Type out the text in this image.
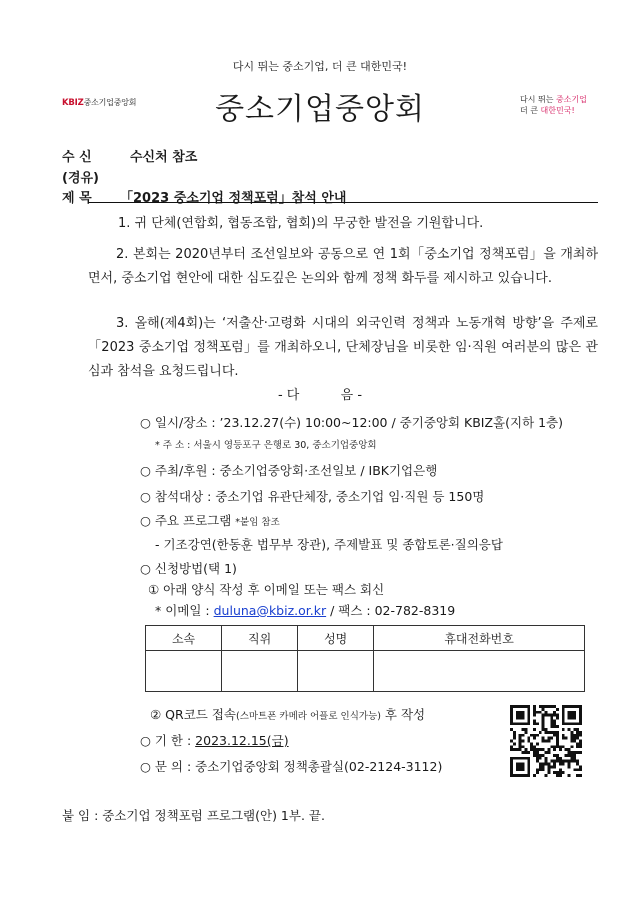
다시 뛰는 중소기업, 더 큰 대한민국!
KBIZ중소기업중앙회	중소기업중앙회	다시 뛰는 중소기업
더 큰 대한민국!
수 신	수신처 참조
(경유)
제 목 「2023 중소기업 정책포럼」참석 안내
1. 귀 단체(연합회, 협동조합, 협회)의 무궁한 발전을 기원합니다.
2. 본회는 2020년부터 조선일보와 공동으로 연 1회「중소기업 정책포럼」을 개최하면서, 중소기업 현안에 대한 심도깊은 논의와 함께 정책 화두를 제시하고 있습니다.
3. 올해(제4회)는 ‘저출산·고령화 시대의 외국인력 정책과 노동개혁 방향’을 주제로 「2023 중소기업 정책포럼」를 개최하오니, 단체장님을 비롯한 임·직원 여러분의 많은 관심과 참석을 요청드립니다.
- 다          음 -
○ 일시/장소 : ’23.12.27(수) 10:00~12:00 / 중기중앙회 KBIZ홀(지하 1층)
* 주 소 : 서울시 영등포구 은행로 30, 중소기업중앙회
○ 주최/후원 : 중소기업중앙회·조선일보 / IBK기업은행
○ 참석대상 : 중소기업 유관단체장, 중소기업 임·직원 등 150명
○ 주요 프로그램 *붙임 참조
- 기조강연(한동훈 법무부 장관), 주제발표 및 종합토론·질의응답
○ 신청방법(택 1)
① 아래 양식 작성 후 이메일 또는 팩스 회신
* 이메일 : duluna@kbiz.or.kr / 팩스 : 02-782-8319
소속	직위	성명	휴대전화번호

② QR코드 접속(스마트폰 카메라 어플로 인식가능) 후 작성
○ 기 한 : 2023.12.15(금)
○ 문 의 : 중소기업중앙회 정책총괄실(02-2124-3112)
붙 임 : 중소기업 정책포럼 프로그램(안) 1부. 끝.
